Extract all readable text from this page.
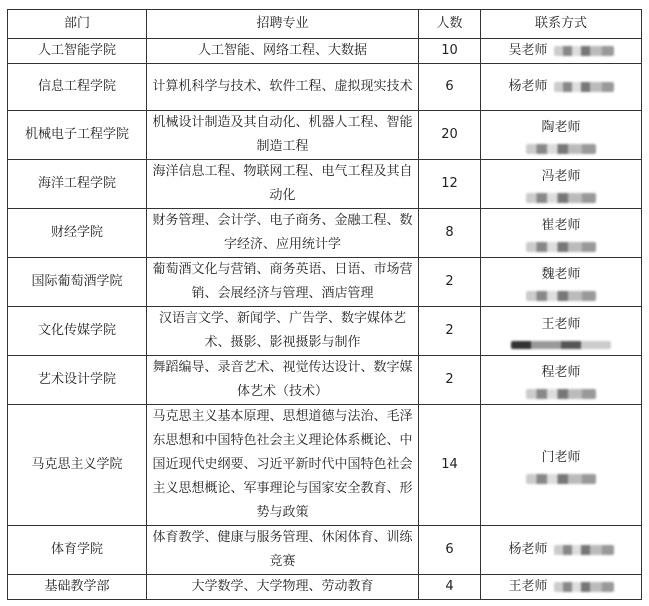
部门	招聘专业	人数	联系方式
人工智能学院	人工智能、网络工程、大数据	10	吴老师
信息工程学院	计算机科学与技术、软件工程、虚拟现实技术	6	杨老师
机械电子工程学院	机械设计制造及其自动化、机器人工程、智能制造工程	20	陶老师

海洋工程学院	海洋信息工程、物联网工程、电气工程及其自动化	12	冯老师

财经学院	财务管理、会计学、电子商务、金融工程、数字经济、应用统计学	8	崔老师

国际葡萄酒学院	葡萄酒文化与营销、商务英语、日语、市场营销、会展经济与管理、酒店管理	2	魏老师

文化传媒学院	汉语言文学、新闻学、广告学、数字媒体艺术、摄影、影视摄影与制作	2	王老师

艺术设计学院	舞蹈编导、录音艺术、视觉传达设计、数字媒体艺术（技术）	2	程老师

马克思主义学院	马克思主义基本原理、思想道德与法治、毛泽东思想和中国特色社会主义理论体系概论、中国近现代史纲要、习近平新时代中国特色社会主义思想概论、军事理论与国家安全教育、形势与政策	14	门老师

体育学院	体育教学、健康与服务管理、休闲体育、训练竞赛	6	杨老师
基础教学部	大学数学、大学物理、劳动教育	4	王老师
